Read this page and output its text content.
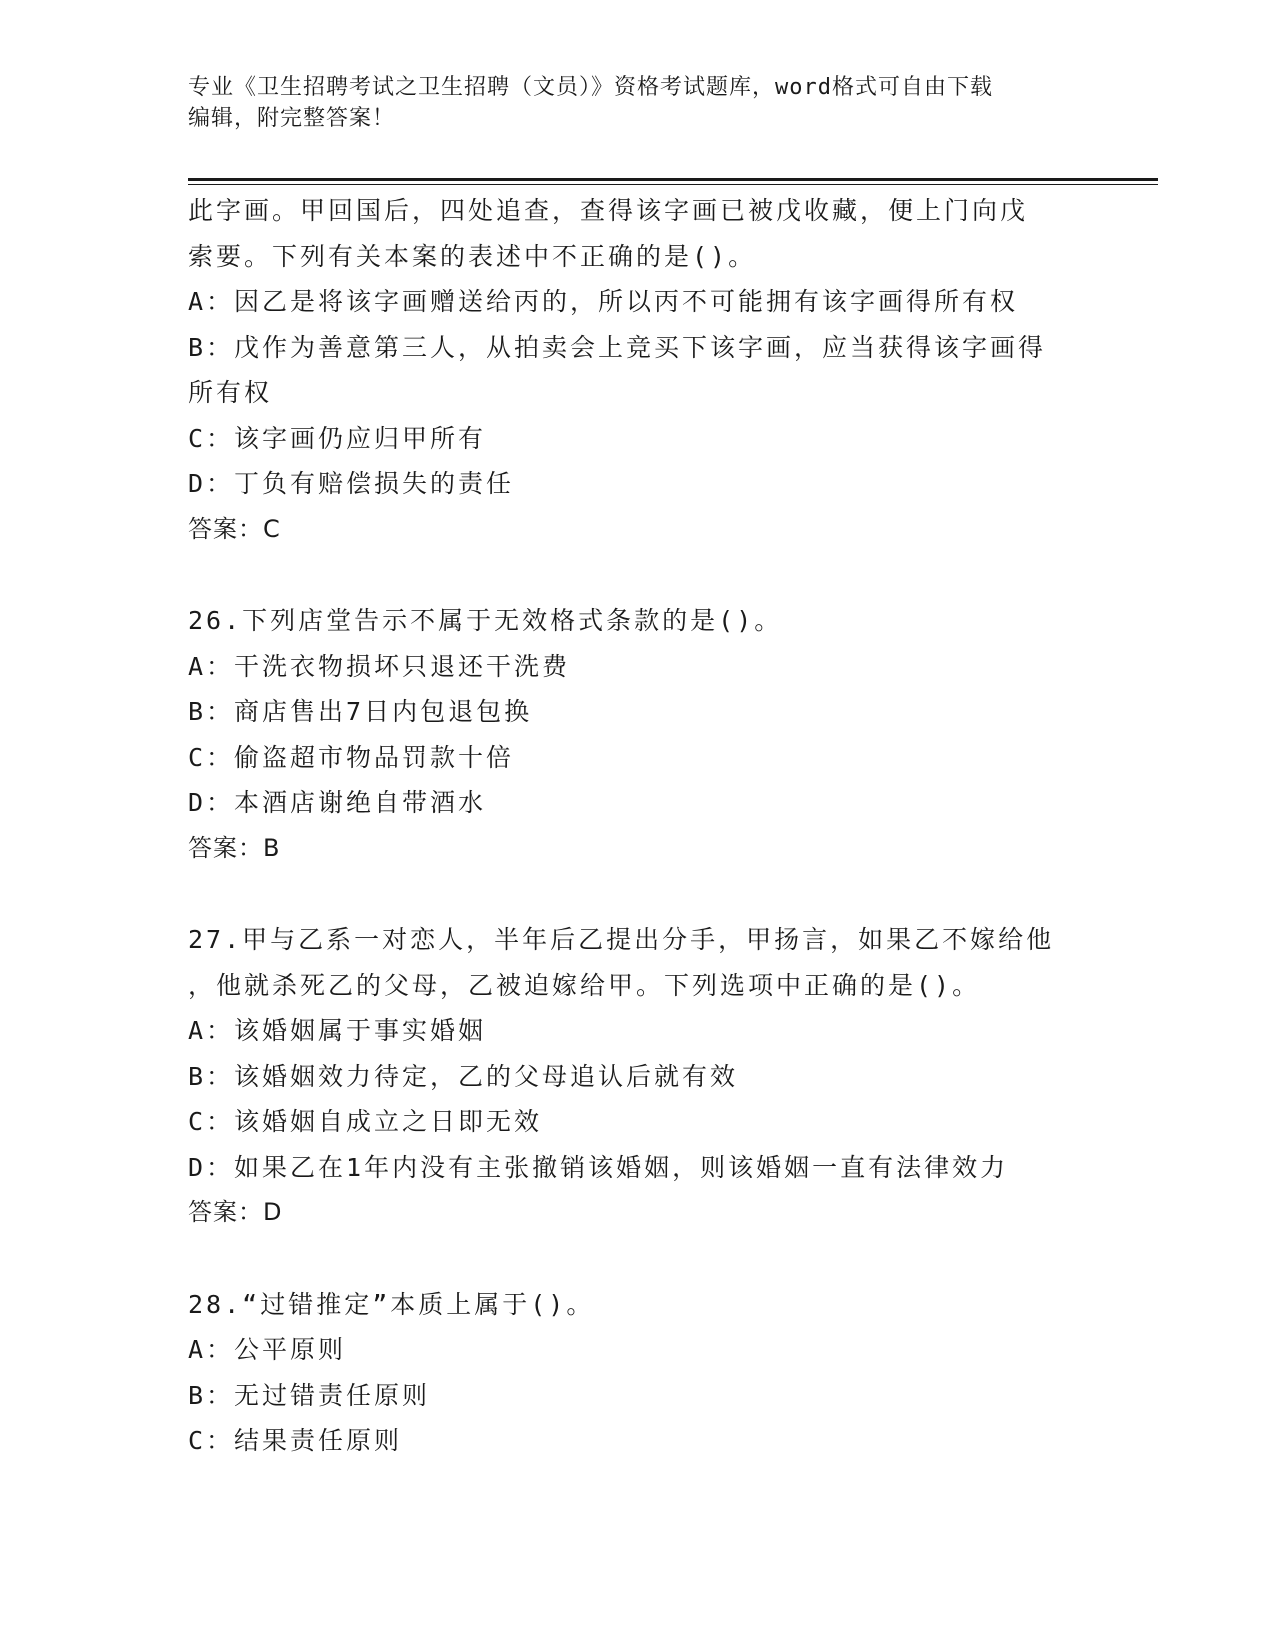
专业《卫生招聘考试之卫生招聘（文员）》资格考试题库，word格式可自由下载
编辑，附完整答案！
此字画。甲回国后，四处追查，查得该字画已被戊收藏，便上门向戊
索要。下列有关本案的表述中不正确的是()。
A：因乙是将该字画赠送给丙的，所以丙不可能拥有该字画得所有权
B：戊作为善意第三人，从拍卖会上竞买下该字画，应当获得该字画得
所有权
C：该字画仍应归甲所有
D：丁负有赔偿损失的责任
答案：C
26.下列店堂告示不属于无效格式条款的是()。
A：干洗衣物损坏只退还干洗费
B：商店售出7日内包退包换
C：偷盗超市物品罚款十倍
D：本酒店谢绝自带酒水
答案：B
27.甲与乙系一对恋人，半年后乙提出分手，甲扬言，如果乙不嫁给他
，他就杀死乙的父母，乙被迫嫁给甲。下列选项中正确的是()。
A：该婚姻属于事实婚姻
B：该婚姻效力待定，乙的父母追认后就有效
C：该婚姻自成立之日即无效
D：如果乙在1年内没有主张撤销该婚姻，则该婚姻一直有法律效力
答案：D
28.“过错推定”本质上属于()。
A：公平原则
B：无过错责任原则
C：结果责任原则
